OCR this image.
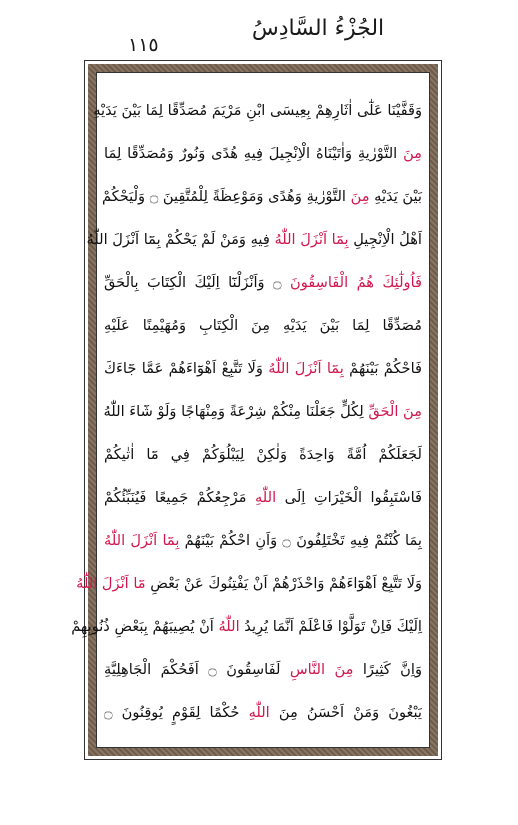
١١٥
الجُزْءُ السَّادِسُ
وَقَفَّيْنَا عَلٰٓى اٰثَارِهِمْ بِعِيسَى ابْنِ مَرْيَمَ مُصَدِّقًا لِمَا بَيْنَ يَدَيْهِ
مِنَ التَّوْرٰيةِ وَاٰتَيْنَاهُ الْاِنْجِيلَ فِيهِ هُدًى وَنُورٌ وَمُصَدِّقًا لِمَا
بَيْنَ يَدَيْهِ مِنَ التَّوْرٰيةِ وَهُدًى وَمَوْعِظَةً لِلْمُتَّقِينَ ۝ وَلْيَحْكُمْ
اَهْلُ الْاِنْجِيلِ بِمَٓا اَنْزَلَ اللّٰهُ فِيهِ وَمَنْ لَمْ يَحْكُمْ بِمَٓا اَنْزَلَ اللّٰهُ
فَاُولٰٓئِكَ هُمُ الْفَاسِقُونَ ۝ وَاَنْزَلْنَٓا اِلَيْكَ الْكِتَابَ بِالْحَقِّ
مُصَدِّقًا لِمَا بَيْنَ يَدَيْهِ مِنَ الْكِتَابِ وَمُهَيْمِنًا عَلَيْهِ
فَاحْكُمْ بَيْنَهُمْ بِمَٓا اَنْزَلَ اللّٰهُ وَلَا تَتَّبِعْ اَهْوَٓاءَهُمْ عَمَّا جَٓاءَكَ
مِنَ الْحَقِّ لِكُلٍّ جَعَلْنَا مِنْكُمْ شِرْعَةً وَمِنْهَاجًا وَلَوْ شَٓاءَ اللّٰهُ
لَجَعَلَكُمْ اُمَّةً وَاحِدَةً وَلٰكِنْ لِيَبْلُوَكُمْ فِي مَٓا اٰتٰيكُمْ
فَاسْتَبِقُوا الْخَيْرَاتِ اِلَى اللّٰهِ مَرْجِعُكُمْ جَمِيعًا فَيُنَبِّئُكُمْ
بِمَا كُنْتُمْ فِيهِ تَخْتَلِفُونَ ۝ وَاَنِ احْكُمْ بَيْنَهُمْ بِمَٓا اَنْزَلَ اللّٰهُ
وَلَا تَتَّبِعْ اَهْوَٓاءَهُمْ وَاحْذَرْهُمْ اَنْ يَفْتِنُوكَ عَنْ بَعْضِ مَٓا اَنْزَلَ اللّٰهُ
اِلَيْكَ فَاِنْ تَوَلَّوْا فَاعْلَمْ اَنَّمَا يُرِيدُ اللّٰهُ اَنْ يُصِيبَهُمْ بِبَعْضِ ذُنُوبِهِمْ
وَاِنَّ كَثِيرًا مِنَ النَّاسِ لَفَاسِقُونَ ۝ اَفَحُكْمَ الْجَاهِلِيَّةِ
يَبْغُونَ وَمَنْ اَحْسَنُ مِنَ اللّٰهِ حُكْمًا لِقَوْمٍ يُوقِنُونَ ۝
